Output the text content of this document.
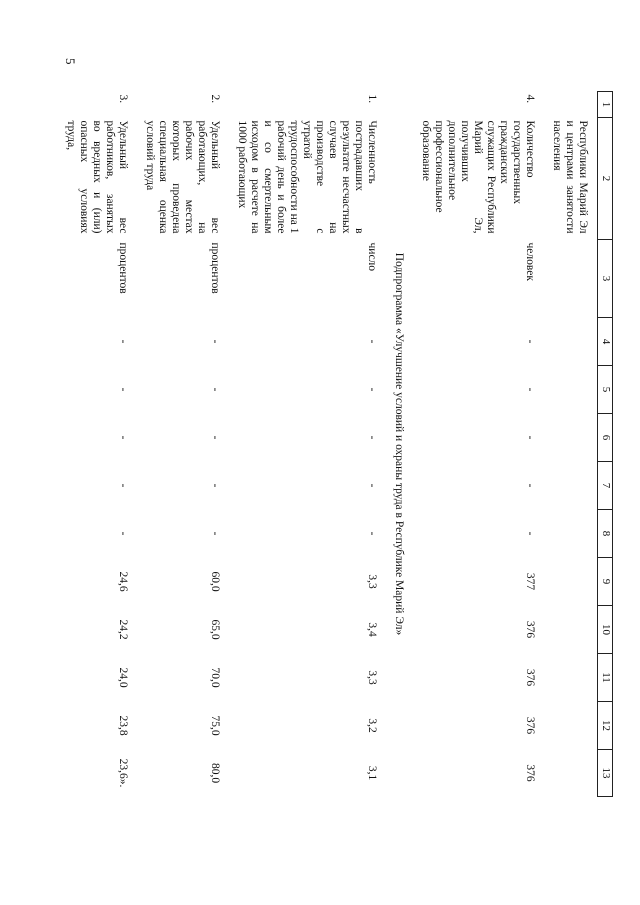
5
1	2	3	4	5	6	7	8	9	10	11	12	13
	Республики Марий Эл и центрами занятости населения											
4.	Количество государственных гражданских служащих Республики Марий Эл, получивших дополнительное профессиональное образование	человек	-	-	-	-	-	377	376	376	376	376
Подпрограмма «Улучшение условий и охраны труда в Республике Марий Эл»												
1.	Численность пострадавших в результате несчастных случаев на производстве с утратой трудоспособности на 1 рабочий день и более и со смертельным исходом в расчете на 1000 работающих	число	-	-	-	-	-	3,3	3,4	3,3	3,2	3,1
2.	Удельный вес работающих, на рабочих местах которых проведена специальная оценка условий труда	процентов	-	-	-	-	-	60,0	65,0	70,0	75,0	80,0
3.	Удельный вес работников, занятых во вредных и (или) опасных условиях труда,	процентов	-	-	-	-	-	24,6	24,2	24,0	23,8	23,6».
